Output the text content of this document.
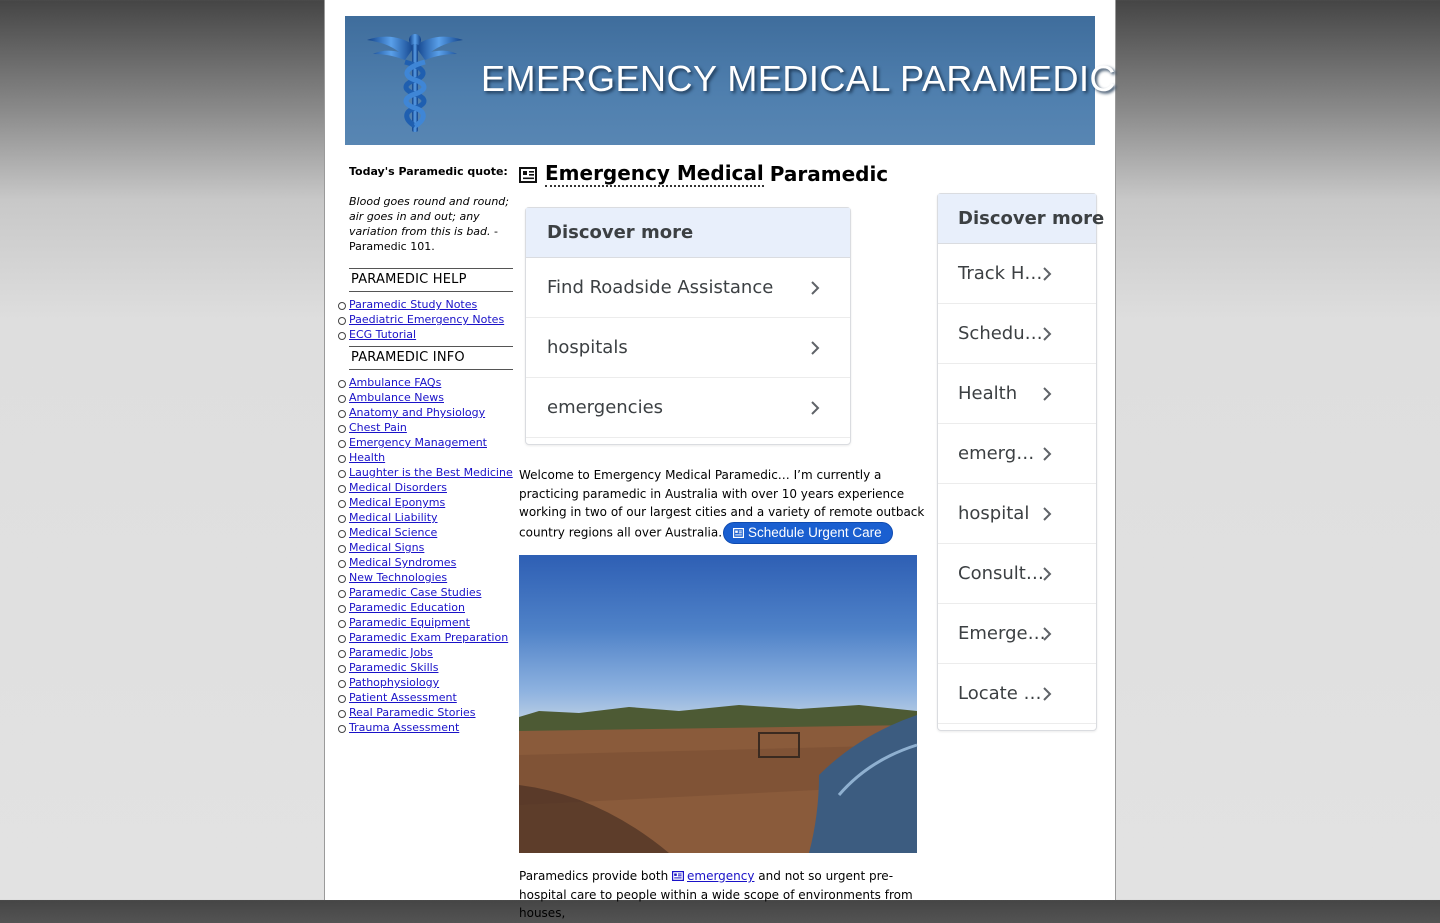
EMERGENCY MEDICAL PARAMEDIC
Today's Paramedic quote:
Blood goes round and round; air goes in and out; any variation from this is bad. - Paramedic 101.
PARAMEDIC HELP
Paramedic Study Notes
Paediatric Emergency Notes
ECG Tutorial
PARAMEDIC INFO
Ambulance FAQs
Ambulance News
Anatomy and Physiology
Chest Pain
Emergency Management
Health
Laughter is the Best Medicine
Medical Disorders
Medical Eponyms
Medical Liability
Medical Science
Medical Signs
Medical Syndromes
New Technologies
Paramedic Case Studies
Paramedic Education
Paramedic Equipment
Paramedic Exam Preparation
Paramedic Jobs
Paramedic Skills
Pathophysiology
Patient Assessment
Real Paramedic Stories
Trauma Assessment
Emergency Medical Paramedic
Discover more
Find Roadside Assistance
hospitals
emergencies
Welcome to Emergency Medical Paramedic… I’m currently a practicing paramedic in Australia with over 10 years experience working in two of our largest cities and a variety of remote outback country regions all over Australia. Schedule Urgent Care
Paramedics provide both emergency and not so urgent pre-hospital care to people within a wide scope of environments from houses,
Discover more
Track H…
Schedu…
Health
emerg…
hospital
Consult…
Emerge…
Locate …
